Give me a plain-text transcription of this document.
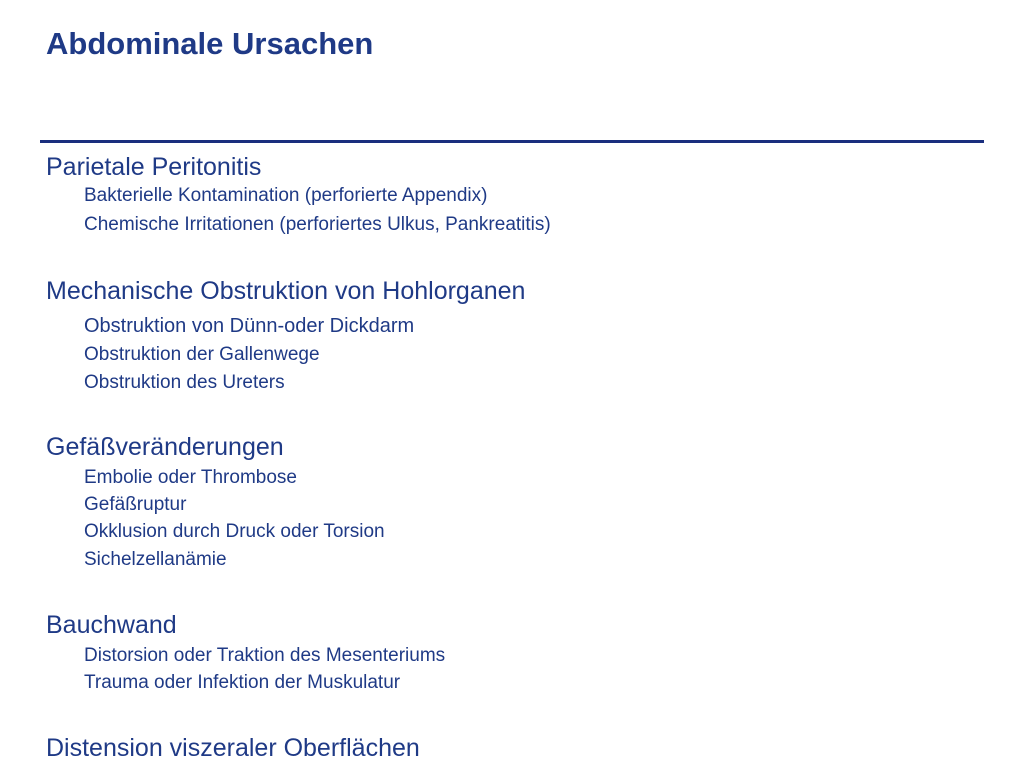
Abdominale Ursachen
Parietale Peritonitis
Bakterielle Kontamination (perforierte Appendix)
Chemische Irritationen (perforiertes Ulkus, Pankreatitis)
Mechanische Obstruktion von Hohlorganen
Obstruktion von Dünn-oder Dickdarm
Obstruktion der Gallenwege
Obstruktion des Ureters
Gefäßveränderungen
Embolie oder Thrombose
Gefäßruptur
Okklusion durch Druck oder Torsion
Sichelzellanämie
Bauchwand
Distorsion oder Traktion des Mesenteriums
Trauma oder Infektion der Muskulatur
Distension viszeraler Oberflächen
